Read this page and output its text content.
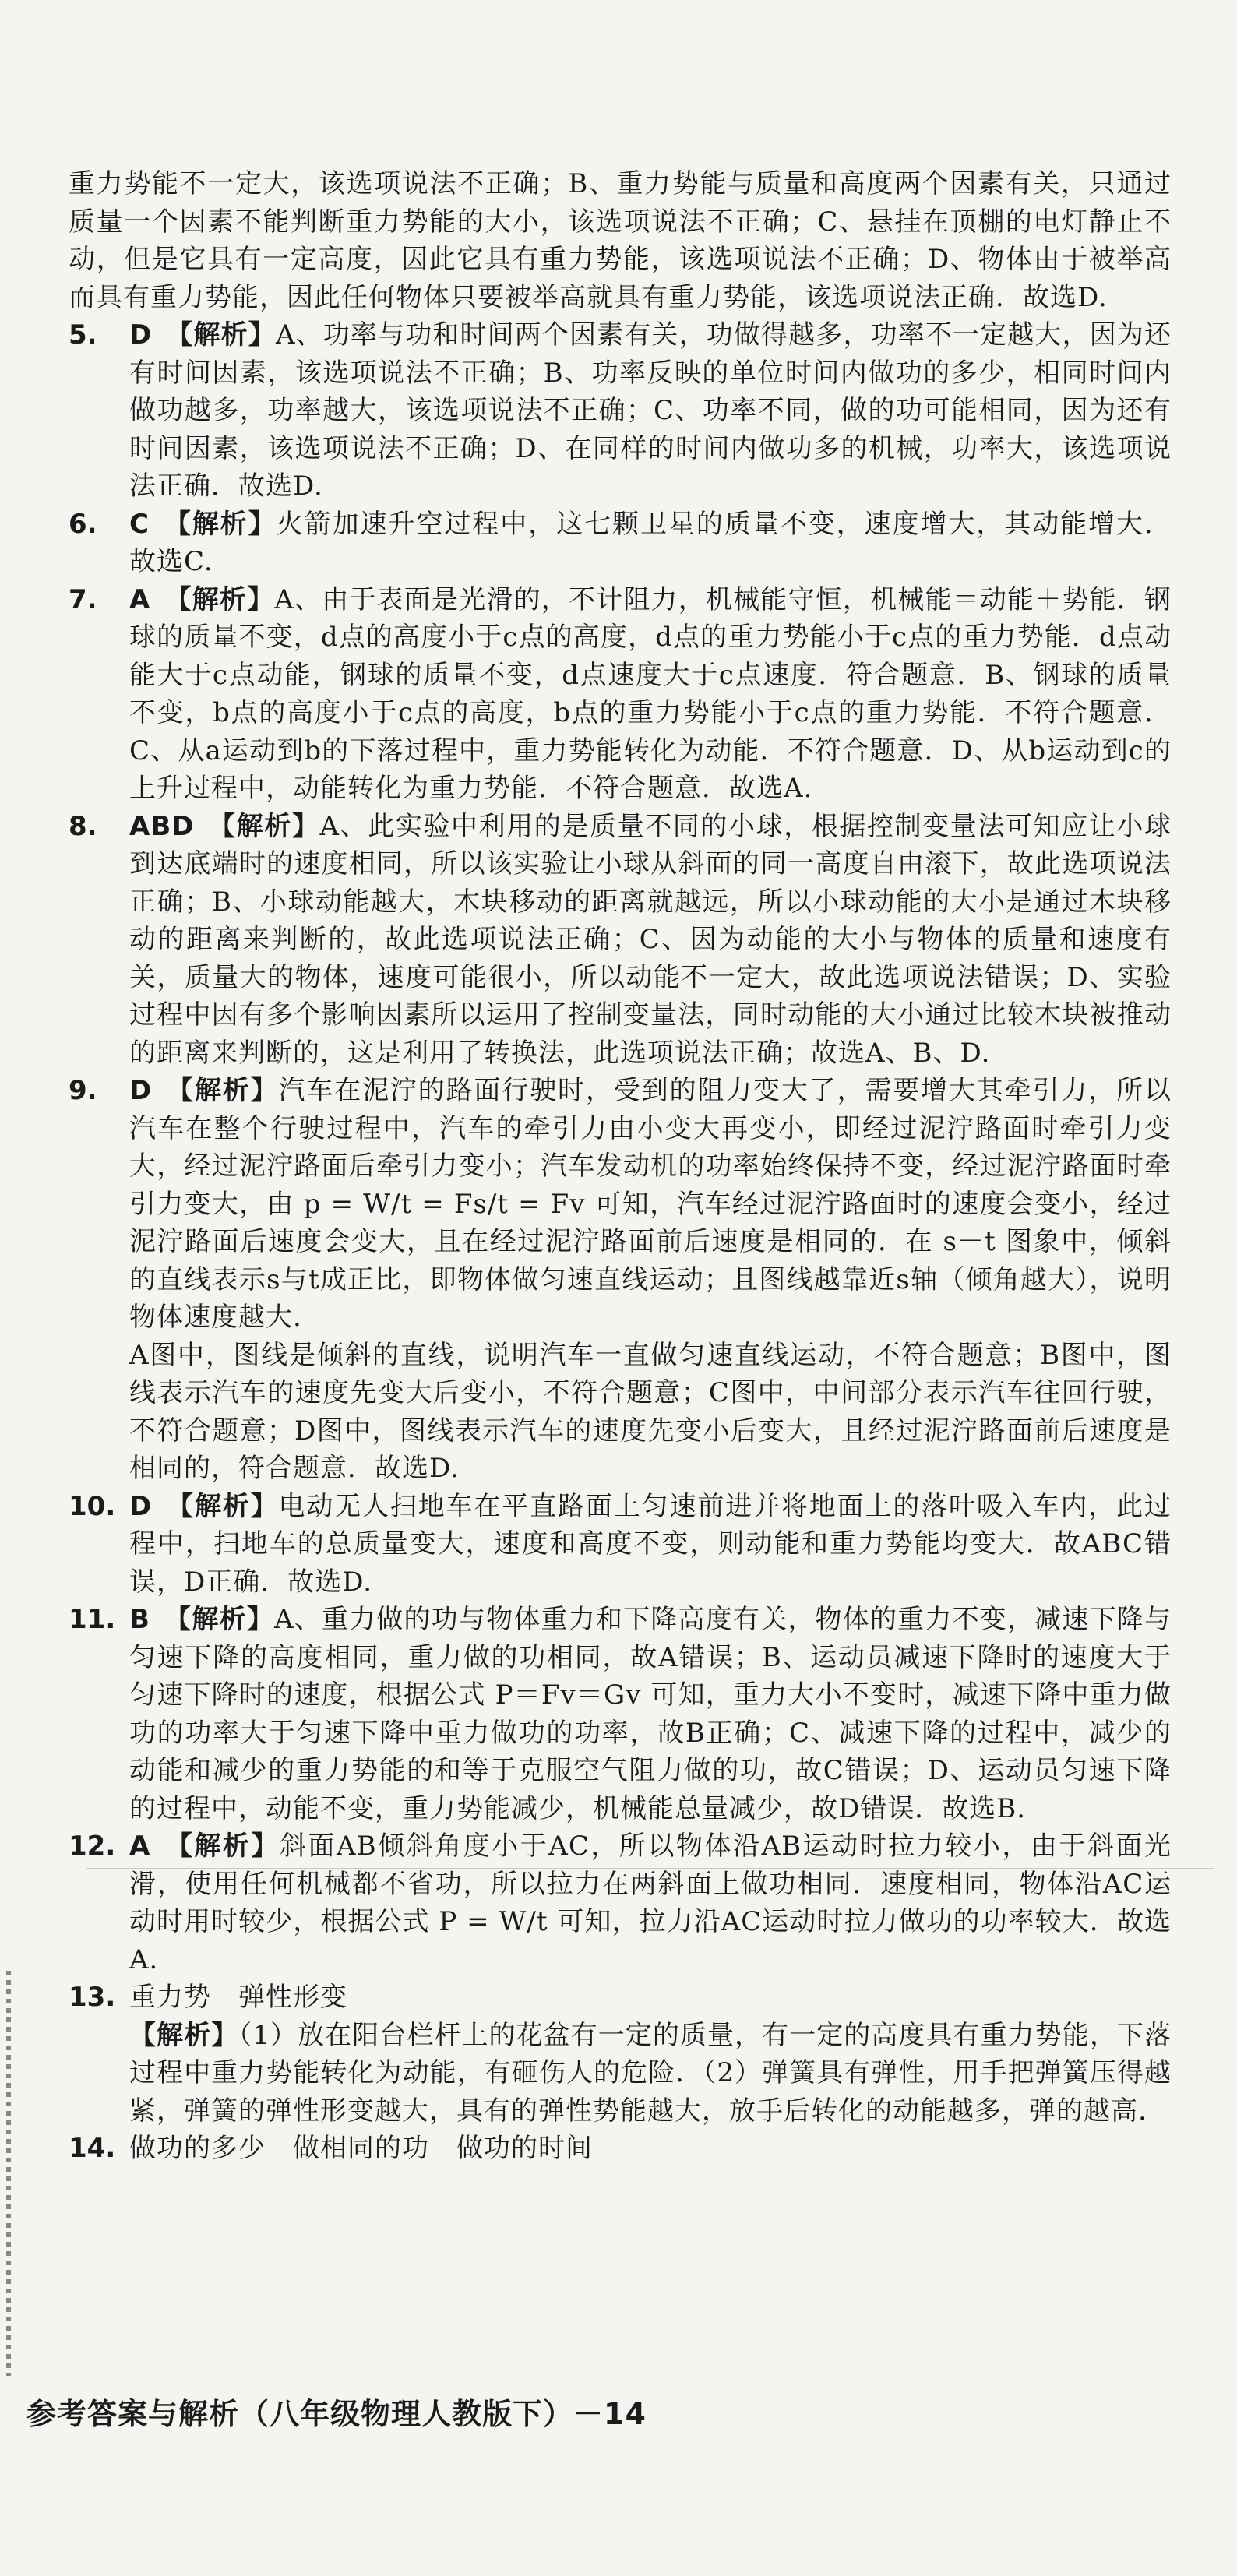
重力势能不一定大，该选项说法不正确；B、重力势能与质量和高度两个因素有关，只通过质量一个因素不能判断重力势能的大小，该选项说法不正确；C、悬挂在顶棚的电灯静止不动，但是它具有一定高度，因此它具有重力势能，该选项说法不正确；D、物体由于被举高而具有重力势能，因此任何物体只要被举高就具有重力势能，该选项说法正确．故选D.

5.	D 【解析】A、功率与功和时间两个因素有关，功做得越多，功率不一定越大，因为还有时间因素，该选项说法不正确；B、功率反映的单位时间内做功的多少，相同时间内做功越多，功率越大，该选项说法不正确；C、功率不同，做的功可能相同，因为还有时间因素，该选项说法不正确；D、在同样的时间内做功多的机械，功率大，该选项说法正确．故选D.
6.	C 【解析】火箭加速升空过程中，这七颗卫星的质量不变，速度增大，其动能增大．故选C.
7.	A 【解析】A、由于表面是光滑的，不计阻力，机械能守恒，机械能＝动能＋势能．钢球的质量不变，d点的高度小于c点的高度，d点的重力势能小于c点的重力势能．d点动能大于c点动能，钢球的质量不变，d点速度大于c点速度．符合题意．B、钢球的质量不变，b点的高度小于c点的高度，b点的重力势能小于c点的重力势能．不符合题意．C、从a运动到b的下落过程中，重力势能转化为动能．不符合题意．D、从b运动到c的上升过程中，动能转化为重力势能．不符合题意．故选A.
8.	ABD 【解析】A、此实验中利用的是质量不同的小球，根据控制变量法可知应让小球到达底端时的速度相同，所以该实验让小球从斜面的同一高度自由滚下，故此选项说法正确；B、小球动能越大，木块移动的距离就越远，所以小球动能的大小是通过木块移动的距离来判断的，故此选项说法正确；C、因为动能的大小与物体的质量和速度有关，质量大的物体，速度可能很小，所以动能不一定大，故此选项说法错误；D、实验过程中因有多个影响因素所以运用了控制变量法，同时动能的大小通过比较木块被推动的距离来判断的，这是利用了转换法，此选项说法正确；故选A、B、D.
9.	D 【解析】汽车在泥泞的路面行驶时，受到的阻力变大了，需要增大其牵引力，所以汽车在整个行驶过程中，汽车的牵引力由小变大再变小，即经过泥泞路面时牵引力变大，经过泥泞路面后牵引力变小；汽车发动机的功率始终保持不变，经过泥泞路面时牵引力变大，由 p = W/t = Fs/t = Fv 可知，汽车经过泥泞路面时的速度会变小，经过泥泞路面后速度会变大，且在经过泥泞路面前后速度是相同的．在 s－t 图象中，倾斜的直线表示s与t成正比，即物体做匀速直线运动；且图线越靠近s轴（倾角越大），说明物体速度越大.

A图中，图线是倾斜的直线，说明汽车一直做匀速直线运动，不符合题意；B图中，图线表示汽车的速度先变大后变小，不符合题意；C图中，中间部分表示汽车往回行驶，不符合题意；D图中，图线表示汽车的速度先变小后变大，且经过泥泞路面前后速度是相同的，符合题意．故选D.

10. D 【解析】电动无人扫地车在平直路面上匀速前进并将地面上的落叶吸入车内，此过程中，扫地车的总质量变大，速度和高度不变，则动能和重力势能均变大．故ABC错误，D正确．故选D.
11. B 【解析】A、重力做的功与物体重力和下降高度有关，物体的重力不变，减速下降与匀速下降的高度相同，重力做的功相同，故A错误；B、运动员减速下降时的速度大于匀速下降时的速度，根据公式 P＝Fv＝Gv 可知，重力大小不变时，减速下降中重力做功的功率大于匀速下降中重力做功的功率，故B正确；C、减速下降的过程中，减少的动能和减少的重力势能的和等于克服空气阻力做的功，故C错误；D、运动员匀速下降的过程中，动能不变，重力势能减少，机械能总量减少，故D错误．故选B.
12. A 【解析】斜面AB倾斜角度小于AC，所以物体沿AB运动时拉力较小，由于斜面光滑，使用任何机械都不省功，所以拉力在两斜面上做功相同．速度相同，物体沿AC运动时用时较少，根据公式 P = W/t 可知，拉力沿AC运动时拉力做功的功率较大．故选A.
13. 重力势　弹性形变
【解析】（1）放在阳台栏杆上的花盆有一定的质量，有一定的高度具有重力势能，下落过程中重力势能转化为动能，有砸伤人的危险．（2）弹簧具有弹性，用手把弹簧压得越紧，弹簧的弹性形变越大，具有的弹性势能越大，放手后转化的动能越多，弹的越高.
14. 做功的多少　做相同的功　做功的时间
参考答案与解析（八年级物理人教版下）－14
